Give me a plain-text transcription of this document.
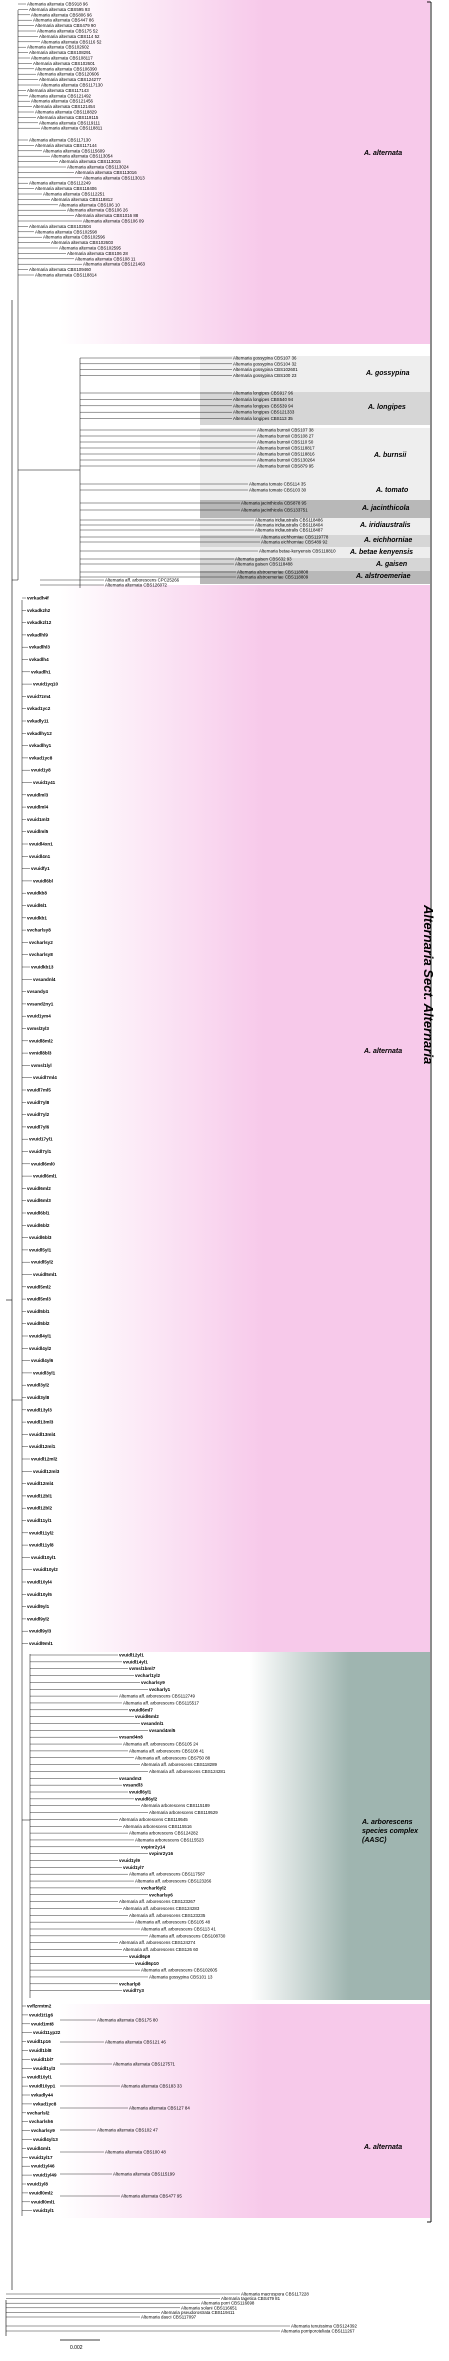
Alternaria alternata CBS918 96
Alternaria alternata CBS595 93
Alternaria alternata CBS806 96
Alternaria alternata CBS447 86
Alternaria alternata CBS479 90
Alternaria alternata CBS175 52
Alternaria alternata CBS114 52
Alternaria alternata CBS116 52
Alternaria alternata CBS102602
Alternaria alternata CBS108291
Alternaria alternata CBS108117
Alternaria alternata CBS102601
Alternaria alternata CBS106390
Alternaria alternata CBS120606
Alternaria alternata CBS124277
Alternaria alternata CBS117130
Alternaria alternata CBS117143
Alternaria alternata CBS121492
Alternaria alternata CBS121456
Alternaria alternata CBS121454
Alternaria alternata CBS118829
Alternaria alternata CBS119115
Alternaria alternata CBS119111
Alternaria alternata CBS118811
Alternaria alternata CBS117130
Alternaria alternata CBS117144
Alternaria alternata CBS115609
Alternaria alternata CBS113054
Alternaria alternata CBS113015
Alternaria alternata CBS113024
Alternaria alternata CBS113016
Alternaria alternata CBS113013
Alternaria alternata CBS112249
Alternaria alternata CBS118406
Alternaria alternata CBS112251
Alternaria alternata CBS118812
Alternaria alternata CBS106 10
Alternaria alternata CBS106 26
Alternaria alternata CBS1016 88
Alternaria alternata CBS106 09
Alternaria alternata CBS102604
Alternaria alternata CBS102598
Alternaria alternata CBS102596
Alternaria alternata CBS102603
Alternaria alternata CBS102595
Alternaria alternata CBS106 28
Alternaria alternata CBS108 11
Alternaria alternata CBS121463
Alternaria alternata CBS109460
Alternaria alternata CBS118814
Alternaria gossypina CBS107 36
Alternaria gossypina CBS104 32
Alternaria gossypina CBS102601
Alternaria gossypina CBS100 23
Alternaria longipes CBS917 96
Alternaria longipes CBS540 94
Alternaria longipes CBS539 94
Alternaria longipes CBS121333
Alternaria longipes CBS113 35
Alternaria burnsii CBS107 38
Alternaria burnsii CBS108 27
Alternaria burnsii CBS110 50
Alternaria burnsii CBS118817
Alternaria burnsii CBS118816
Alternaria burnsii CBS130264
Alternaria burnsii CBS879 95
Alternaria tomato CBS114 35
Alternaria tomato CBS103 30
Alternaria jacinthicola CBS878 95
Alternaria jacinthicola CBS133751
Alternaria iridiaustralis CBS118486
Alternaria iridiaustralis CBS118404
Alternaria iridiaustralis CBS118487
Alternaria eichhorniae CBS119778
Alternaria eichhorniae CBS489 92
Alternaria betae-kenyensis CBS118810
Alternaria gaisen CBS632 93
Alternaria gaisen CBS118488
Alternaria alstroemeriae CBS118808
Alternaria alstroemeriae CBS118809
Alternaria aff. arborescens CPC25266
Alternaria alternata CBS126072
vvrkadh4f
vvkadkzh2
vvkadkzl12
vvkadlhl9
vvkadlhl3
vvkadlh4
vvkadlh1
vvuid1yq10
vvuid7zm4
vvkad1yc2
vvkadly11
vvkadlhy12
vvkadlhy1
vvkad1yc8
vvuid1y8
vvuid1y41
vvuidlml3
vvuidlml4
vvuid1ml3
vvuidlml5
vvuidl4xn1
vvuidl4n1
vvuidfy1
vvuidl6bl
vvuidkb8
vvuidl6l1
vvuidkb1
vvcharlsy8
vvcharlsy2
vvcharlsy8
vvuidkb13
vvsandnl4
vvsandy4
vvsand2ny1
vvuid1ym4
vvmsl3yl3
vvuidl8ml2
vvnidl8bl3
vvmsl1lyl
vvuidl7ml4
vvuidl7ml5
vvuidl7yl8
vvuidl7yl2
vvuidl7yl6
vvuid17yl1
vvuidl7yl1
vvuidl6ml0
vvuidl6ml1
vvuidl6ml2
vvuidl6ml3
vvuidl6bl1
vvuidl6bl2
vvuidl6bl3
vvuidl5yl1
vvuidl5yl2
vvuidl5ml1
vvuidl5ml2
vvuidl5ml3
vvuidl5bl1
vvuidl5bl2
vvuidl4yl1
vvuidl4yl2
vvuidl4yl6
vvuidl3yl1
vvuidl3yl2
vvuidl3yl8
vvuidl13yl3
vvuidl13ml3
vvuidl13ml4
vvuidl12ml1
vvuidl12ml2
vvuidl12ml3
vvuidl12ml4
vvuidl12bl1
vvuidl12bl2
vvuidl11yl1
vvuidl11yl2
vvuidl11yl8
vvuidl10yl1
vvuidl10yl2
vvuidl10yl4
vvuidl10yl5
vvuidl9yl1
vvuidl9yl2
vvuidl9yl3
vvuidl9ml1
vvuidl12yl1
vvuidl14yl1
vvmsl1bml7
vvcharl1yl2
vvcharlsy9
vvcharly1
Alternaria aff. arborescens CBS112749
Alternaria aff. arborescens CBS115517
vvuidl6ml7
vvuidl6ml2
vvsandnl1
vvsand4ml5
vvsand4n8
Alternaria aff. arborescens CBS105 24
Alternaria aff. arborescens CBS108 41
Alternaria aff. arborescens CBS750 88
Alternaria aff. arborescens CBS118289
Alternaria aff. arborescens CBS124281
vvsandm3
vvsandl3
vvuidl6yl1
vvuidl6yl2
Alternaria arborescens CBS115189
Alternaria arborescens CBS119529
Alternaria arborescens CBS119545
Alternaria arborescens CBS115516
Alternaria arborescens CBS124282
Alternaria arborescens CBS115523
vvpinr2y14
vvpinr2y16
vvuid1yl9
vvuid1yl7
Alternaria aff. arborescens CBS117587
Alternaria aff. arborescens CBS123266
vvcharl6yl2
vvcharlsy6
Alternaria aff. arborescens CBS123267
Alternaria aff. arborescens CBS124283
Alternaria aff. arborescens CBS123235
Alternaria aff. arborescens CBS105 48
Alternaria aff. arborescens CBS113 41
Alternaria aff. arborescens CBS108730
Alternaria aff. arborescens CBS124274
Alternaria aff. arborescens CBS126 60
vvuidl6p9
vvuidl6p10
Alternaria aff. arborescens CBS102605
Alternaria gossypina CBS101 13
vvcharlp8
vvuidl7y3
vvflzrmtm2
vvuid1t1g6
vvuid1mt8
vvuid11yp22
vvuidl1p16
vvuidl1bl8
vvuidl1bl7
vvuidl1yl3
vvuidl10yl1
vvuidl10yp1
vvkadly44
vvkad1yc8
vvcharlsl2
vvcharlsh6
vvcharlsy9
vvuidl4yl13
vvuidl4ml1
vvuid1yl17
vvuid1yl46
vvuid1yl49
vvuid1yl8
vvuidl0ml2
vvuidl0ml1
vvuid1yl1
Alternaria alternata CBS175 80
Alternaria alternata CBS121 46
Alternaria alternata CBS127571
Alternaria alternata CBS183 33
Alternaria alternata CBS127 84
Alternaria alternata CBS102 47
Alternaria alternata CBS100 48
Alternaria alternata CBS115199
Alternaria alternata CBS477 95
Alternaria macrospora CBS117228
Alternaria tagetica CBS479 81
Alternaria porri CBS116698
Alternaria solani CBS116651
Alternaria pseudorostrata CBS119411
Alternaria dauci CBS117097
Alternaria tenuissima CBS124392
Alternaria porriporoteliata CBS111267
A. alternata
A. gossypina
A. longipes
A. burnsii
A. tomato
A. jacinthicola
A. iridiaustralis
A. eichhorniae
A. betae kenyensis
A. gaisen
A. alstroemeriae
A. alternata
A. arborescens species complex (AASC)
A. alternata
Alternaria Sect. Alternaria
0.002
